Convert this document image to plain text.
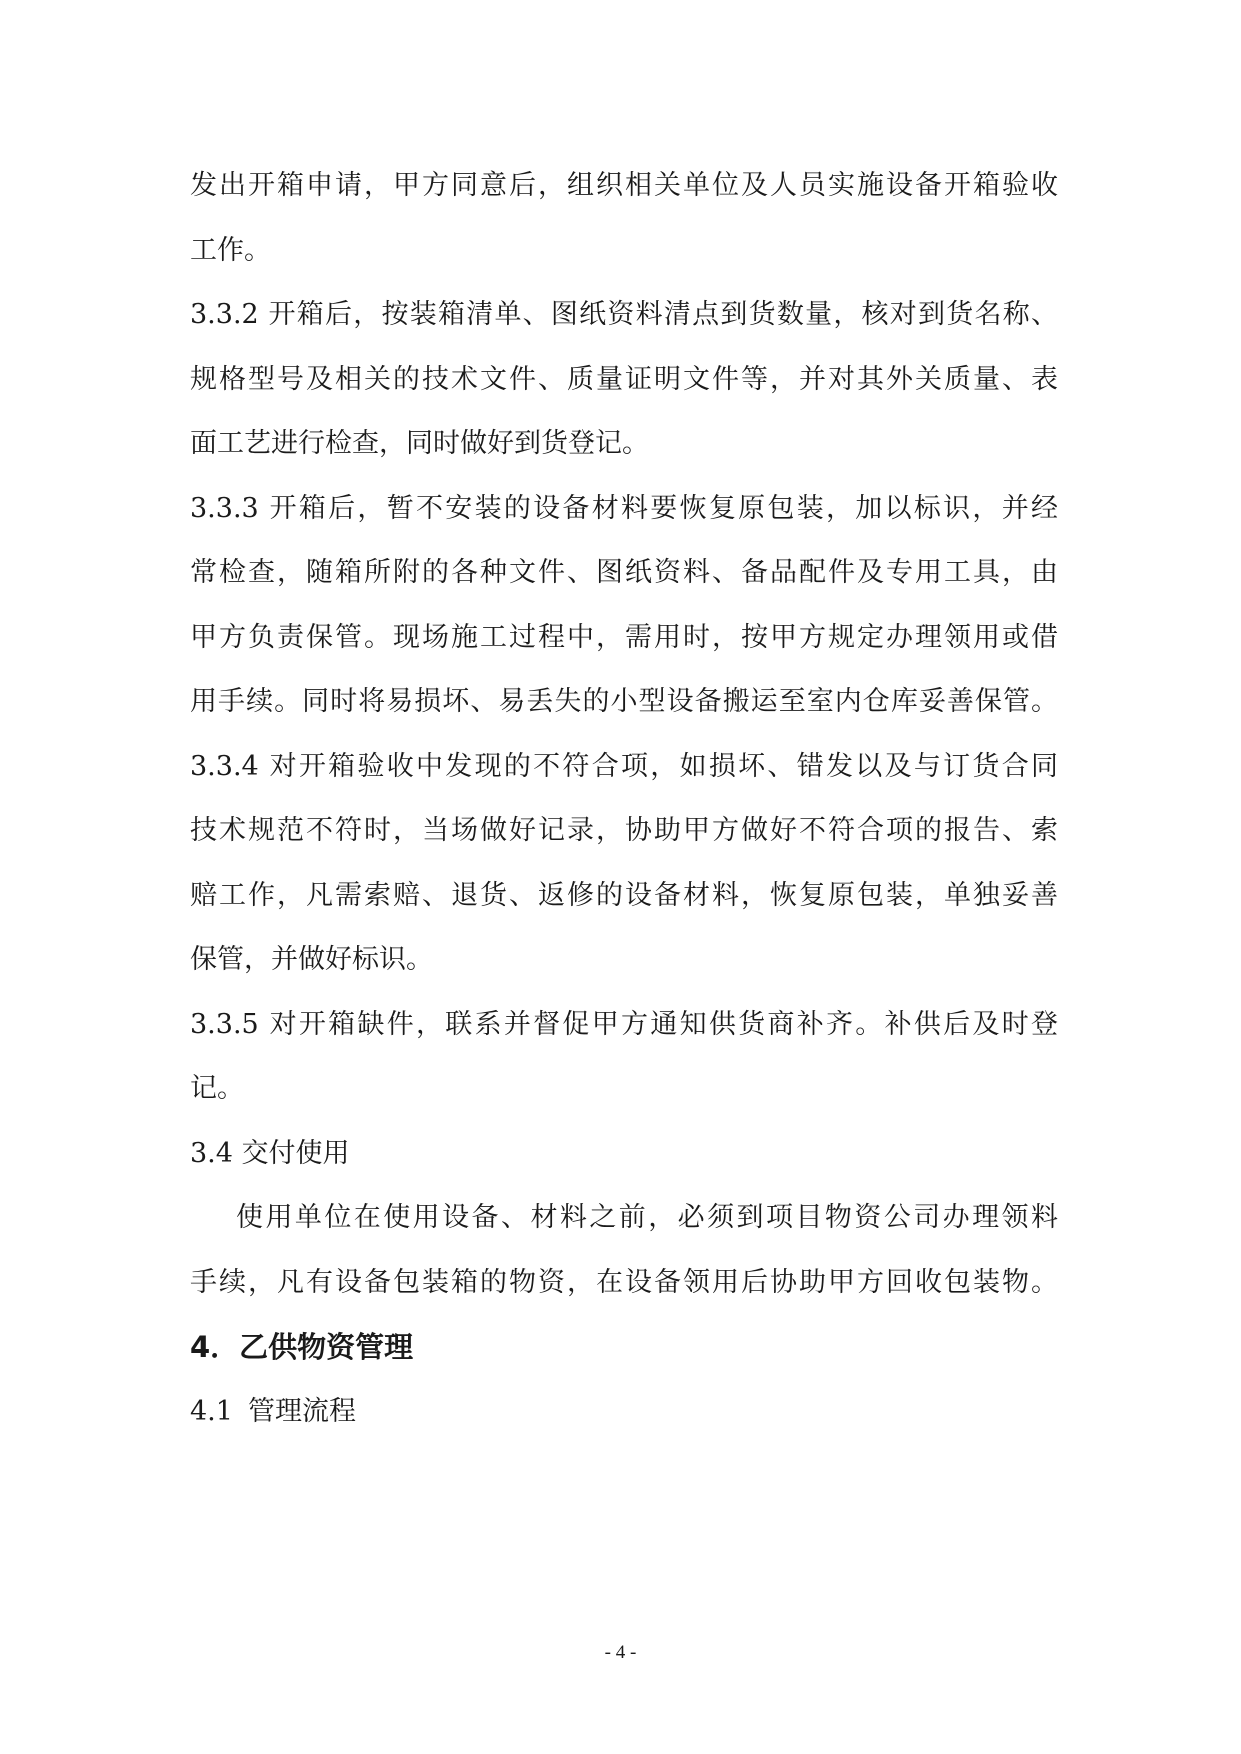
发出开箱申请，甲方同意后，组织相关单位及人员实施设备开箱验收
工作。
3.3.2 开箱后，按装箱清单、图纸资料清点到货数量，核对到货名称、
规格型号及相关的技术文件、质量证明文件等，并对其外关质量、表
面工艺进行检查，同时做好到货登记。
3.3.3 开箱后，暂不安装的设备材料要恢复原包装，加以标识，并经
常检查，随箱所附的各种文件、图纸资料、备品配件及专用工具，由
甲方负责保管。现场施工过程中，需用时，按甲方规定办理领用或借
用手续。同时将易损坏、易丢失的小型设备搬运至室内仓库妥善保管。
3.3.4 对开箱验收中发现的不符合项，如损坏、错发以及与订货合同
技术规范不符时，当场做好记录，协助甲方做好不符合项的报告、索
赔工作，凡需索赔、退货、返修的设备材料，恢复原包装，单独妥善
保管，并做好标识。
3.3.5 对开箱缺件，联系并督促甲方通知供货商补齐。补供后及时登
记。
3.4 交付使用
使用单位在使用设备、材料之前，必须到项目物资公司办理领料
手续，凡有设备包装箱的物资，在设备领用后协助甲方回收包装物。
4．乙供物资管理
4.1 管理流程
- 4 -
